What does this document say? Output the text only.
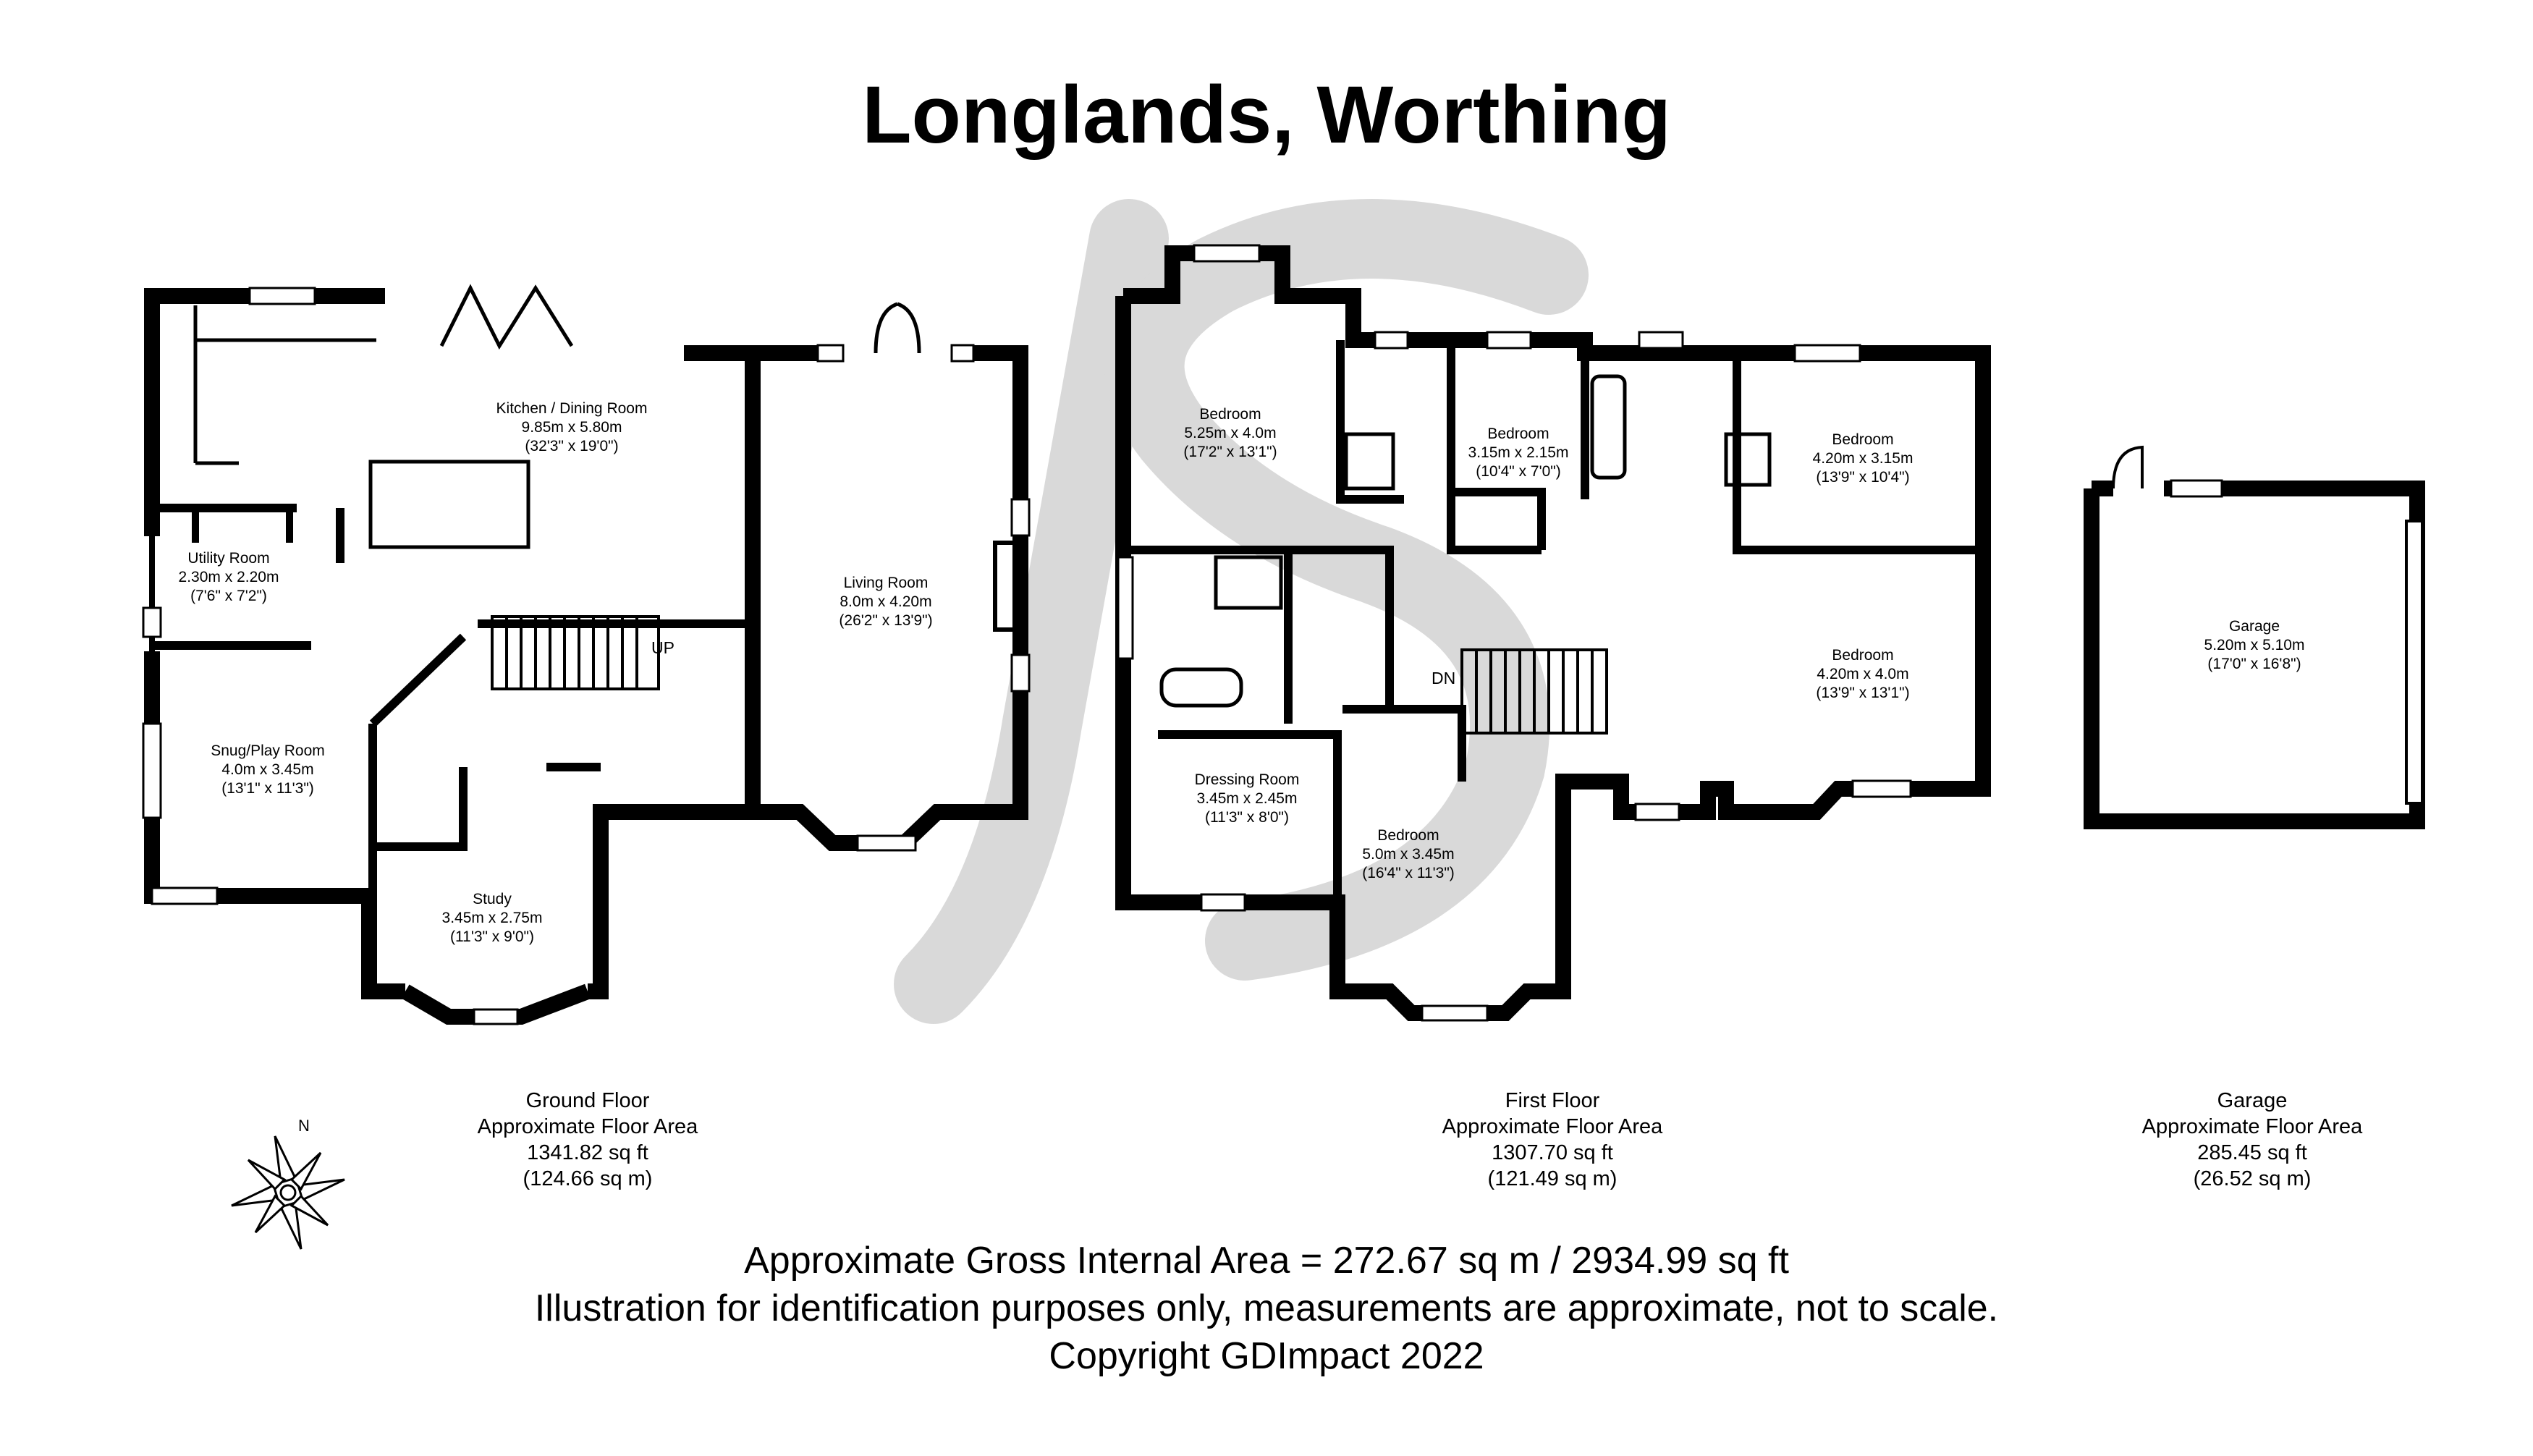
Longlands, Worthing
Kitchen / Dining Room
9.85m x 5.80m
(32'3" x 19'0")
Utility Room
2.30m x 2.20m
(7'6" x 7'2")
Snug/Play Room
4.0m x 3.45m
(13'1" x 11'3")
Living Room
8.0m x 4.20m
(26'2" x 13'9")
Study
3.45m x 2.75m
(11'3" x 9'0")
Bedroom
5.25m x 4.0m
(17'2" x 13'1")
Bedroom
3.15m x 2.15m
(10'4" x 7'0")
Bedroom
4.20m x 3.15m
(13'9" x 10'4")
Bedroom
4.20m x 4.0m
(13'9" x 13'1")
Bedroom
5.0m x 3.45m
(16'4" x 11'3")
Dressing Room
3.45m x 2.45m
(11'3" x 8'0")
Garage
5.20m x 5.10m
(17'0" x 16'8")
UP
DN
N
Ground Floor
Approximate Floor Area
1341.82 sq ft
(124.66 sq m)
First Floor
Approximate Floor Area
1307.70 sq ft
(121.49 sq m)
Garage
Approximate Floor Area
285.45 sq ft
(26.52 sq m)
Approximate Gross Internal Area = 272.67 sq m / 2934.99 sq ft
Illustration for identification purposes only, measurements are approximate, not to scale.
Copyright GDImpact 2022
